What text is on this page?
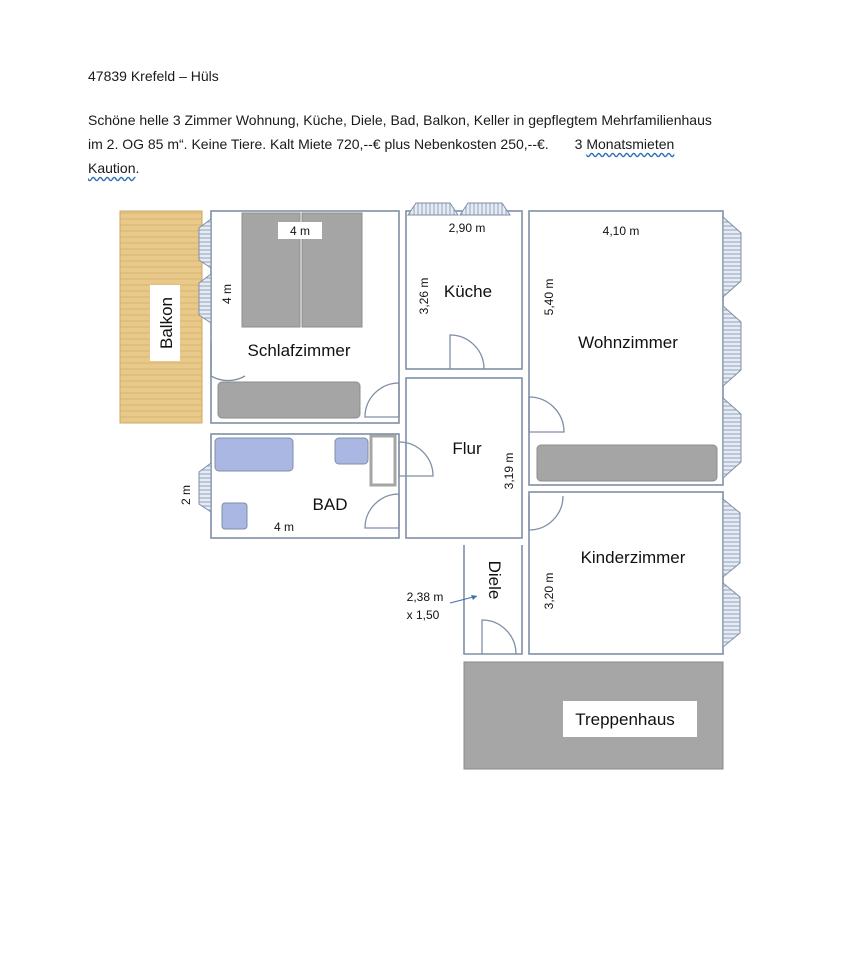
47839 Krefeld – Hüls
Schöne helle 3 Zimmer Wohnung, Küche, Diele, Bad, Balkon, Keller in gepflegtem Mehrfamilienhaus
im 2. OG 85 m“. Keine Tiere. Kalt Miete 720,--€ plus Nebenkosten 250,--€. 3 Monatsmieten
Kaution.
Balkon
Treppenhaus
4 m
4 m
Schlafzimmer
2,90 m
3,26 m Küche
4,10 m
5,40 m
Wohnzimmer
Flur
3,19 m
BAD
4 m
2 m
Kinderzimmer
3,20 m
Diele
2,38 m
x 1,50
